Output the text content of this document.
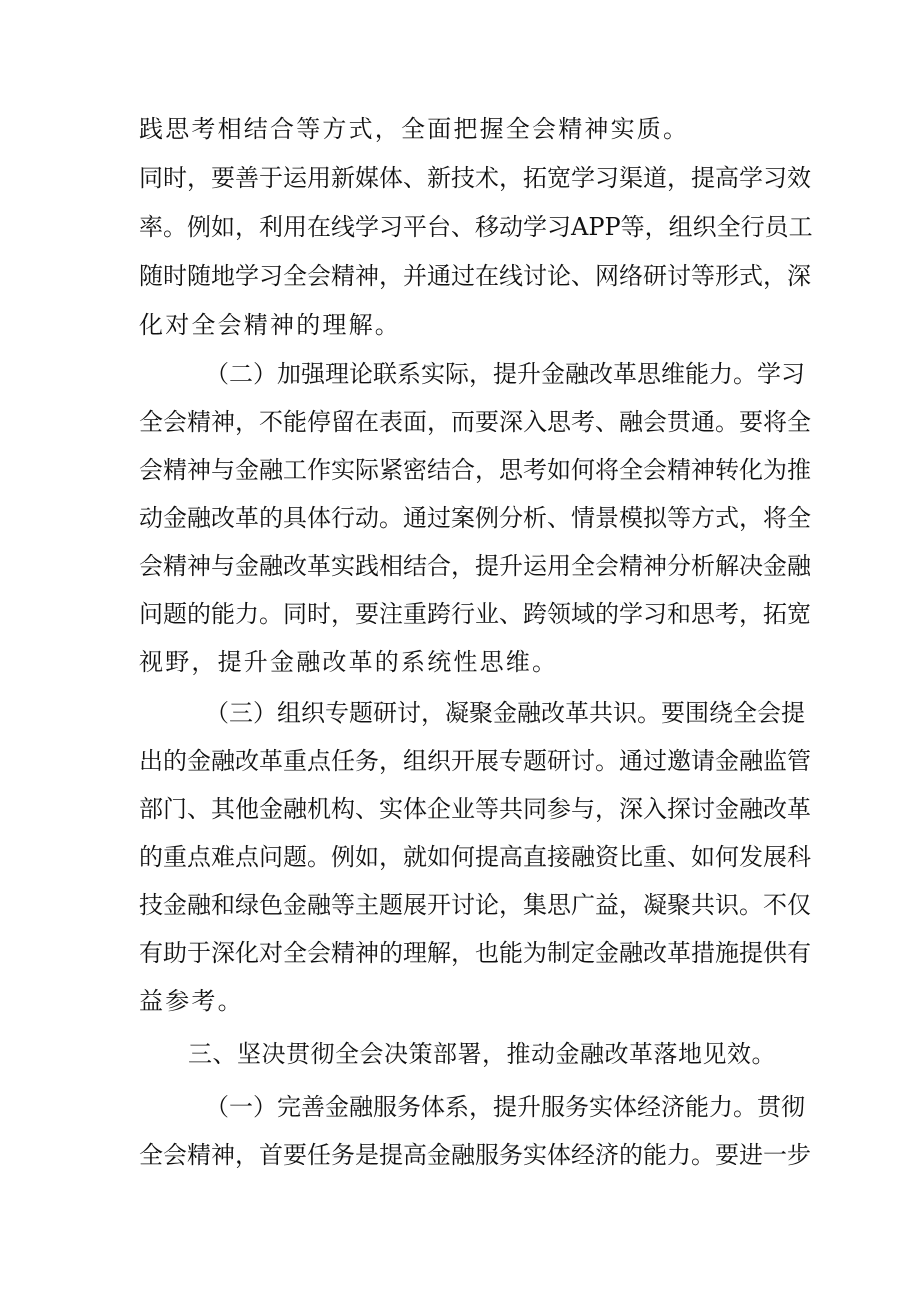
践思考相结合等方式，全面把握全会精神实质。
同时，要善于运用新媒体、新技术，拓宽学习渠道，提高学习效
率。例如，利用在线学习平台、移动学习APP等，组织全行员工
随时随地学习全会精神，并通过在线讨论、网络研讨等形式，深
化对全会精神的理解。
（二）加强理论联系实际，提升金融改革思维能力。学习
全会精神，不能停留在表面，而要深入思考、融会贯通。要将全
会精神与金融工作实际紧密结合，思考如何将全会精神转化为推
动金融改革的具体行动。通过案例分析、情景模拟等方式，将全
会精神与金融改革实践相结合，提升运用全会精神分析解决金融
问题的能力。同时，要注重跨行业、跨领域的学习和思考，拓宽
视野，提升金融改革的系统性思维。
（三）组织专题研讨，凝聚金融改革共识。要围绕全会提
出的金融改革重点任务，组织开展专题研讨。通过邀请金融监管
部门、其他金融机构、实体企业等共同参与，深入探讨金融改革
的重点难点问题。例如，就如何提高直接融资比重、如何发展科
技金融和绿色金融等主题展开讨论，集思广益，凝聚共识。不仅
有助于深化对全会精神的理解，也能为制定金融改革措施提供有
益参考。
三、坚决贯彻全会决策部署，推动金融改革落地见效。
（一）完善金融服务体系，提升服务实体经济能力。贯彻
全会精神，首要任务是提高金融服务实体经济的能力。要进一步
